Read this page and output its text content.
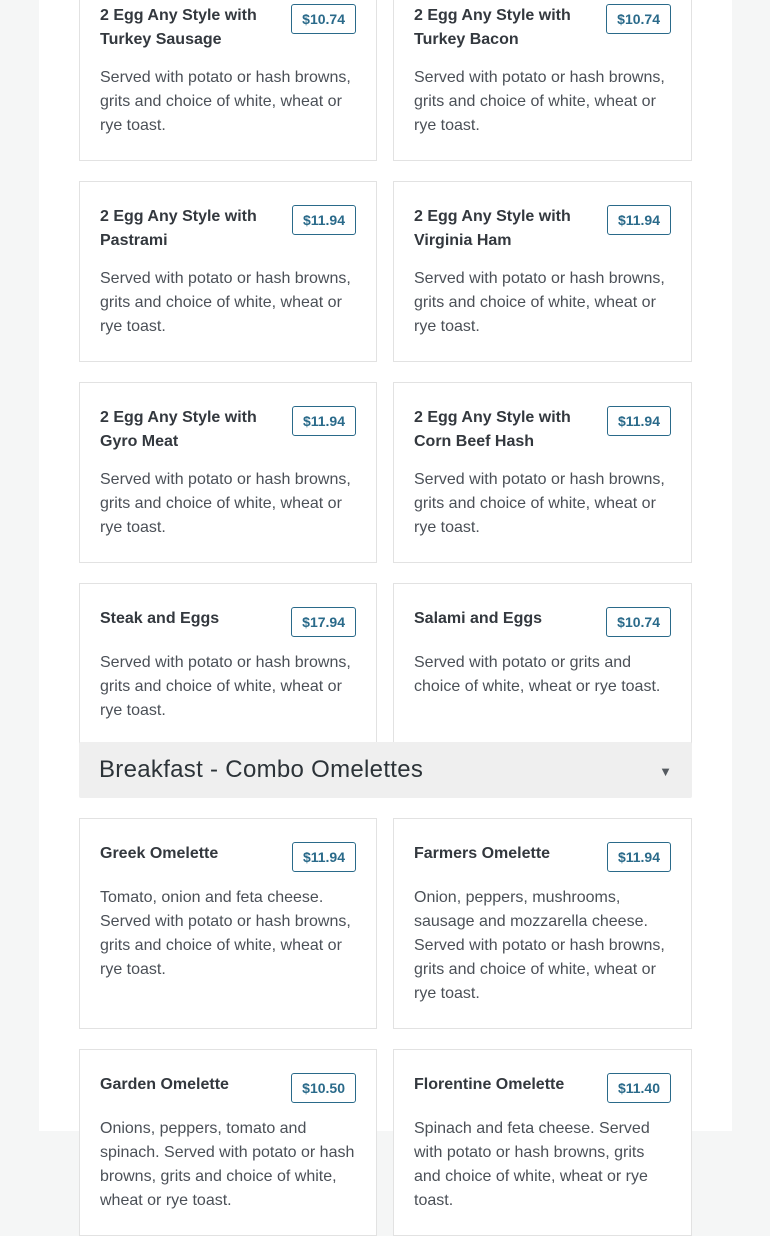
2 Egg Any Style with Turkey Sausage
$10.74
Served with potato or hash browns, grits and choice of white, wheat or rye toast.
2 Egg Any Style with Turkey Bacon
$10.74
Served with potato or hash browns, grits and choice of white, wheat or rye toast.
2 Egg Any Style with Pastrami
$11.94
Served with potato or hash browns, grits and choice of white, wheat or rye toast.
2 Egg Any Style with Virginia Ham
$11.94
Served with potato or hash browns, grits and choice of white, wheat or rye toast.
2 Egg Any Style with Gyro Meat
$11.94
Served with potato or hash browns, grits and choice of white, wheat or rye toast.
2 Egg Any Style with Corn Beef Hash
$11.94
Served with potato or hash browns, grits and choice of white, wheat or rye toast.
Steak and Eggs	$17.94
Served with potato or hash browns, grits and choice of white, wheat or rye toast.
Salami and Eggs	$10.74
Served with potato or grits and choice of white, wheat or rye toast.
Breakfast - Combo Omelettes	▼
Greek Omelette	$11.94
Tomato, onion and feta cheese. Served with potato or hash browns, grits and choice of white, wheat or rye toast.
Farmers Omelette	$11.94
Onion, peppers, mushrooms, sausage and mozzarella cheese. Served with potato or hash browns, grits and choice of white, wheat or rye toast.
Garden Omelette	$10.50
Onions, peppers, tomato and spinach. Served with potato or hash browns, grits and choice of white, wheat or rye toast.
Florentine Omelette	$11.40
Spinach and feta cheese. Served with potato or hash browns, grits and choice of white, wheat or rye toast.
